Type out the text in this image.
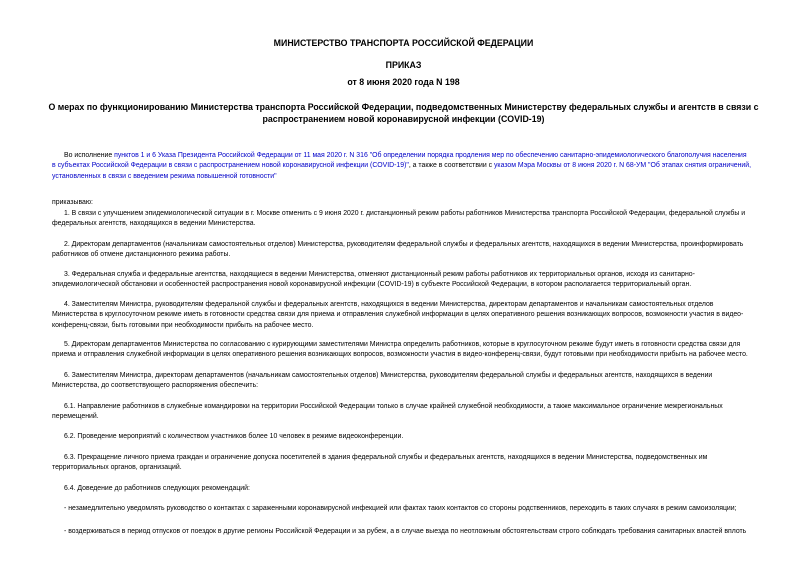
МИНИСТЕРСТВО ТРАНСПОРТА РОССИЙСКОЙ ФЕДЕРАЦИИ
ПРИКАЗ
от 8 июня 2020 года N 198
О мерах по функционированию Министерства транспорта Российской Федерации, подведомственных Министерству федеральных службы и агентств в связи с
распространением новой коронавирусной инфекции (COVID-19)
Во исполнение пунктов 1 и 6 Указа Президента Российской Федерации от 11 мая 2020 г. N 316 "Об определении порядка продления мер по обеспечению санитарно-эпидемиологического благополучия населения
в субъектах Российской Федерации в связи с распространением новой коронавирусной инфекции (COVID-19)", а также в соответствии с указом Мэра Москвы от 8 июня 2020 г. N 68-УМ "Об этапах снятия ограничений,
установленных в связи с введением режима повышенной готовности"
приказываю:
1. В связи с улучшением эпидемиологической ситуации в г. Москве отменить с 9 июня 2020 г. дистанционный режим работы работников Министерства транспорта Российской Федерации, федеральной службы и
федеральных агентств, находящихся в ведении Министерства.
2. Директорам департаментов (начальникам самостоятельных отделов) Министерства, руководителям федеральной службы и федеральных агентств, находящихся в ведении Министерства, проинформировать
работников об отмене дистанционного режима работы.
3. Федеральная служба и федеральные агентства, находящиеся в ведении Министерства, отменяют дистанционный режим работы работников их территориальных органов, исходя из санитарно-
эпидемиологической обстановки и особенностей распространения новой коронавирусной инфекции (COVID-19) в субъекте Российской Федерации, в котором располагается территориальный орган.
4. Заместителям Министра, руководителям федеральной службы и федеральных агентств, находящихся в ведении Министерства, директорам департаментов и начальникам самостоятельных отделов
Министерства в круглосуточном режиме иметь в готовности средства связи для приема и отправления служебной информации в целях оперативного решения возникающих вопросов, возможности участия в видео-
конференц-связи, быть готовыми при необходимости прибыть на рабочее место.
5. Директорам департаментов Министерства по согласованию с курирующими заместителями Министра определить работников, которые в круглосуточном режиме будут иметь в готовности средства связи для
приема и отправления служебной информации в целях оперативного решения возникающих вопросов, возможности участия в видео-конференц-связи, будут готовыми при необходимости прибыть на рабочее место.
6. Заместителям Министра, директорам департаментов (начальникам самостоятельных отделов) Министерства, руководителям федеральной службы и федеральных агентств, находящихся в ведении
Министерства, до соответствующего распоряжения обеспечить:
6.1. Направление работников в служебные командировки на территории Российской Федерации только в случае крайней служебной необходимости, а также максимальное ограничение межрегиональных
перемещений.
6.2. Проведение мероприятий с количеством участников более 10 человек в режиме видеоконференции.
6.3. Прекращение личного приема граждан и ограничение допуска посетителей в здания федеральной службы и федеральных агентств, находящихся в ведении Министерства, подведомственных им
территориальных органов, организаций.
6.4. Доведение до работников следующих рекомендаций:
- незамедлительно уведомлять руководство о контактах с зараженными коронавирусной инфекцией или фактах таких контактов со стороны родственников, переходить в таких случаях в режим самоизоляции;
- воздерживаться в период отпусков от поездок в другие регионы Российской Федерации и за рубеж, а в случае выезда по неотложным обстоятельствам строго соблюдать требования санитарных властей вплоть
